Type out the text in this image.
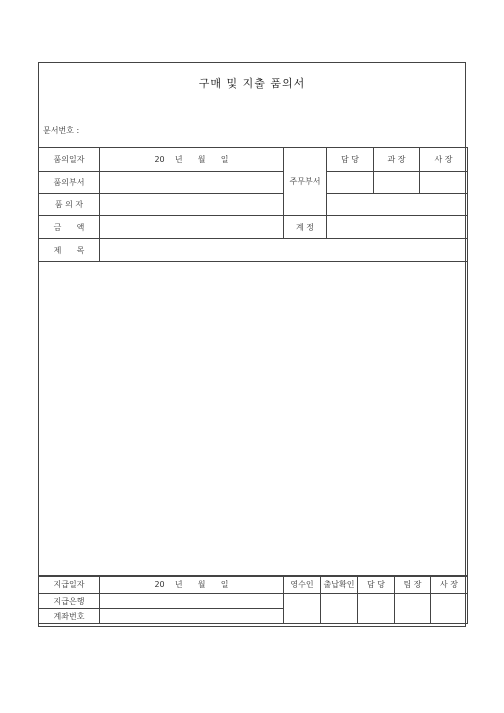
구매 및 지출 품의서
문서번호 :
품의일자	20    년      월      일	주무부서	담 당	과 장	사 장
품의부서					
품 의 자					
금      액		계 정			
제      목					

지급일자	20    년      월      일	영수인	출납확인	담 당	팀 장	사 장
지급은행						
계좌번호						
